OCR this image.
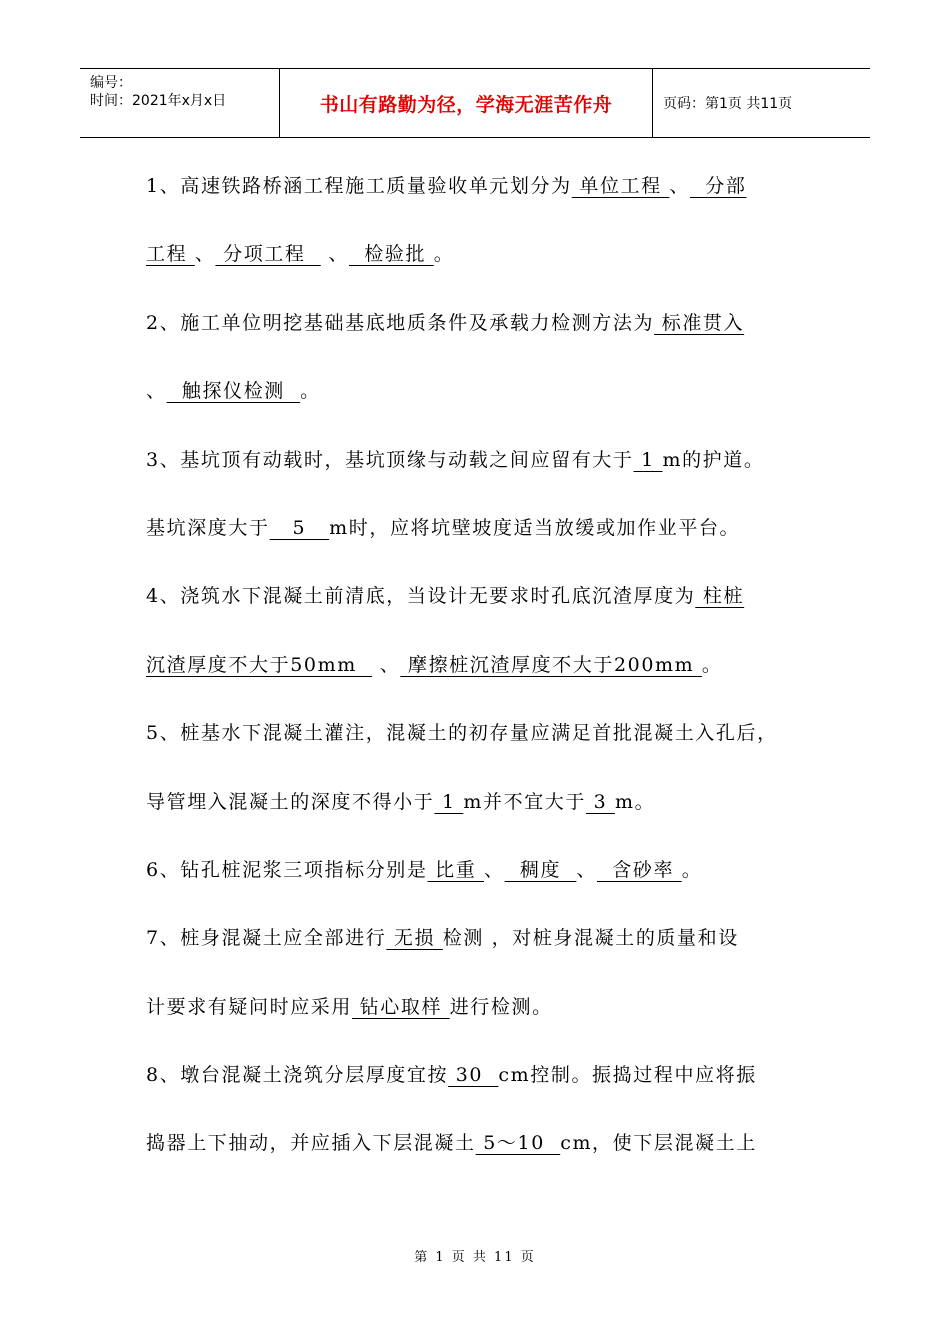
编号：
时间：2021年x月x日	书山有路勤为径，学海无涯苦作舟	页码：第1页 共11页
1、高速铁路桥涵工程施工质量验收单元划分为 单位工程 、  分部
工程 、 分项工程   、  检验批 。
2、施工单位明挖基础基底地质条件及承载力检测方法为 标准贯入
、  触探仪检测  。
3、基坑顶有动载时，基坑顶缘与动载之间应留有大于 1 m的护道。
基坑深度大于   5   m时，应将坑壁坡度适当放缓或加作业平台。
4、浇筑水下混凝土前清底，当设计无要求时孔底沉渣厚度为 柱桩
沉渣厚度不大于50mm   、 摩擦桩沉渣厚度不大于200mm 。
5、桩基水下混凝土灌注，混凝土的初存量应满足首批混凝土入孔后，
导管埋入混凝土的深度不得小于 1 m并不宜大于 3 m。
6、钻孔桩泥浆三项指标分别是 比重 、  稠度  、  含砂率 。
7、桩身混凝土应全部进行 无损 检测 ，对桩身混凝土的质量和设
计要求有疑问时应采用 钻心取样 进行检测。
8、墩台混凝土浇筑分层厚度宜按 30  cm控制。振捣过程中应将振
捣器上下抽动，并应插入下层混凝土 5～10  cm，使下层混凝土上
第 1 页 共 11 页
